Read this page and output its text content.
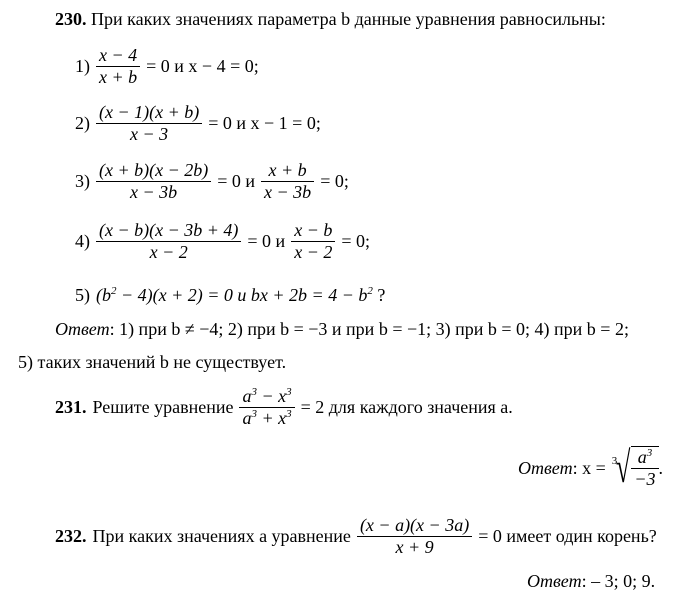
230. При каких значениях параметра b данные уравнения равносильны:
$1) \frac{x - 4}{x + b} = 0$ и x − 4 = 0;
$2) \frac{(x - 1)(x + b)}{x - 3} = 0$ и x − 1 = 0;
$3) \frac{(x + b)(x - 2b)}{x - 3b} = 0$ и $\frac{x + b}{x - 3b} = 0$;
$4) \frac{(x - b)(x - 3b + 4)}{x - 2} = 0$ и $\frac{x - b}{x - 2} = 0$;
5) $(b^2 - 4)(x + 2) = 0$ и bx + $2b = 4 - b^2$ ?
Ответ: 1) при b ≠ −4; 2) при b = −3 и при b = −1; 3) при b = 0; 4) при b = 2;
5) таких значений b не существует.
231. Решите уравнение $\frac{a^3 - x^3}{a^3 + x^3} = 2$ для каждого значения a.
Ответ : x = 3
√ $\frac{a^3}{-3}$ .
232. При каких значениях a уравнение $\frac{(x - a)(x - 3a)}{x + 9} = 0$ имеет один корень?
Ответ: – 3; 0; 9.
